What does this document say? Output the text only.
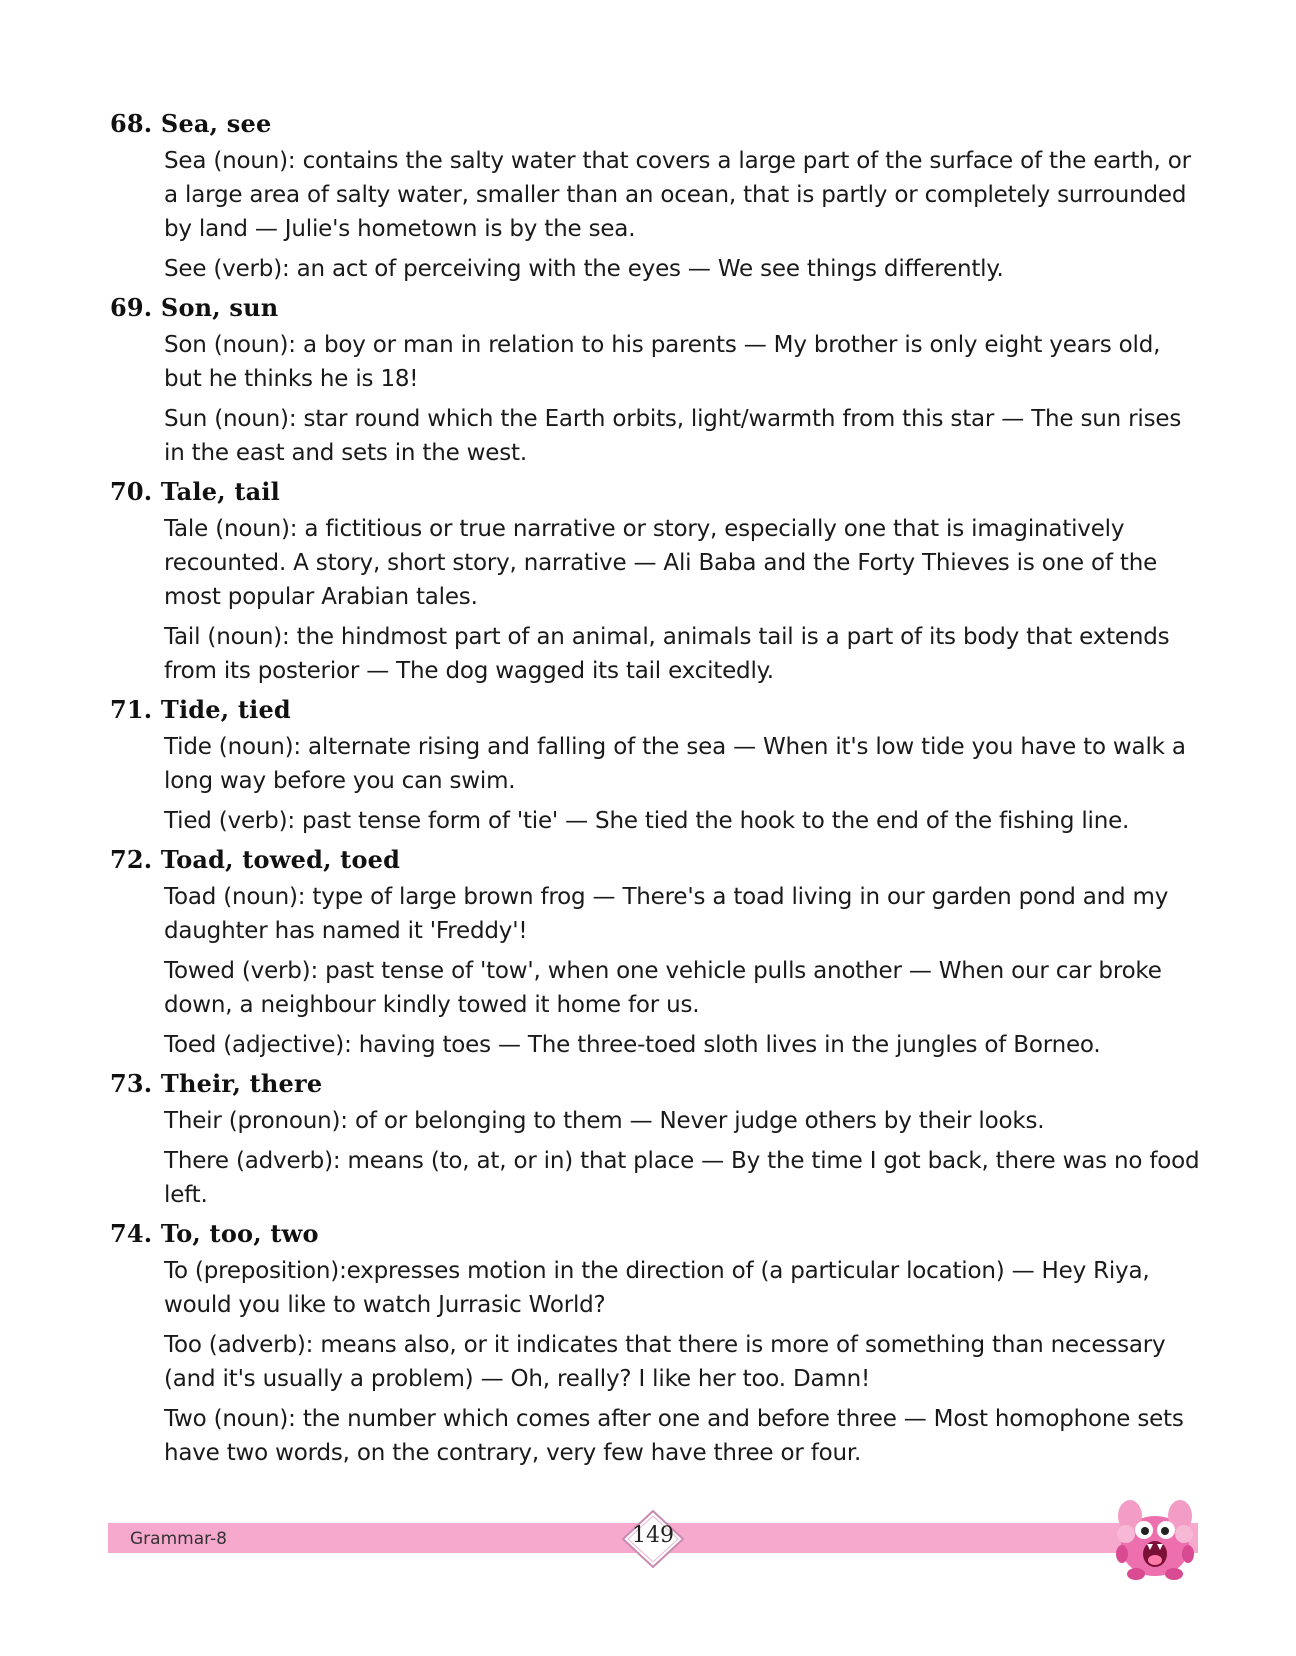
68. Sea, see
Sea (noun): contains the salty water that covers a large part of the surface of the earth, or a large area of salty water, smaller than an ocean, that is partly or completely surrounded by land — Julie's hometown is by the sea.
See (verb): an act of perceiving with the eyes — We see things differently.
69. Son, sun
Son (noun): a boy or man in relation to his parents — My brother is only eight years old, but he thinks he is 18!
Sun (noun): star round which the Earth orbits, light/warmth from this star — The sun rises in the east and sets in the west.
70. Tale, tail
Tale (noun): a fictitious or true narrative or story, especially one that is imaginatively recounted. A story, short story, narrative — Ali Baba and the Forty Thieves is one of the most popular Arabian tales.
Tail (noun): the hindmost part of an animal, animals tail is a part of its body that extends from its posterior — The dog wagged its tail excitedly.
71. Tide, tied
Tide (noun): alternate rising and falling of the sea — When it's low tide you have to walk a long way before you can swim.
Tied (verb): past tense form of 'tie' — She tied the hook to the end of the fishing line.
72. Toad, towed, toed
Toad (noun): type of large brown frog — There's a toad living in our garden pond and my daughter has named it 'Freddy'!
Towed (verb): past tense of 'tow', when one vehicle pulls another — When our car broke down, a neighbour kindly towed it home for us.
Toed (adjective): having toes — The three-toed sloth lives in the jungles of Borneo.
73. Their, there
Their (pronoun): of or belonging to them — Never judge others by their looks.
There (adverb): means (to, at, or in) that place — By the time I got back, there was no food left.
74. To, too, two
To (preposition):expresses motion in the direction of (a particular location) — Hey Riya, would you like to watch Jurrasic World?
Too (adverb): means also, or it indicates that there is more of something than necessary (and it's usually a problem) — Oh, really? I like her too. Damn!
Two (noun): the number which comes after one and before three — Most homophone sets have two words, on the contrary, very few have three or four.
Grammar-8	149
